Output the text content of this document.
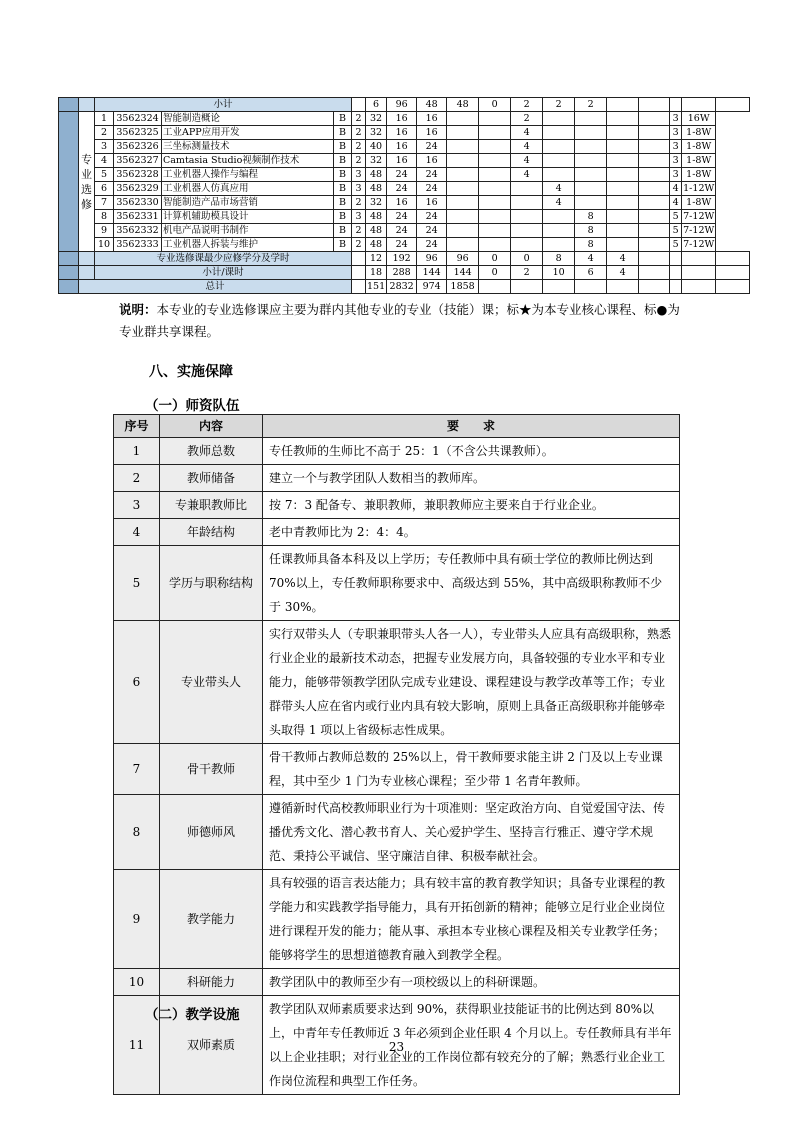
		小计					6	96	48	48	0	2	2	2					
	专业选修	1	3562324	智能制造概论	B	2	32	16	16			2					3	16W	
		2	3562325	工业APP应用开发	B	2	32	16	16			4					3	1-8W	
		3	3562326	三坐标测量技术	B	2	40	16	24			4					3	1-8W	
		4	3562327	Camtasia Studio视频制作技术	B	2	32	16	16			4					3	1-8W	
		5	3562328	工业机器人操作与编程	B	3	48	24	24			4					3	1-8W	
		6	3562329	工业机器人仿真应用	B	3	48	24	24				4				4	1-12W	
		7	3562330	智能制造产品市场营销	B	2	32	16	16				4				4	1-8W	
		8	3562331	计算机辅助模具设计	B	3	48	24	24					8			5	7-12W	
		9	3562332	机电产品说明书制作	B	2	48	24	24					8			5	7-12W	
		10	3562333	工业机器人拆装与维护	B	2	48	24	24					8			5	7-12W	
		专业选修课最少应修学分及学时					12	192	96	96	0	0	8	4	4				
		小计/课时					18	288	144	144	0	2	10	6	4				
	总计						151	2832	974	1858									
说明：本专业的专业选修课应主要为群内其他专业的专业（技能）课；标★为本专业核心课程、标●为专业群共享课程。
八、实施保障
（一）师资队伍
序号	内容	要　　求
1	教师总数	专任教师的生师比不高于 25：1（不含公共课教师）。
2	教师储备	建立一个与教学团队人数相当的教师库。
3	专兼职教师比	按 7：3 配备专、兼职教师，兼职教师应主要来自于行业企业。
4	年龄结构	老中青教师比为 2：4：4。
5	学历与职称结构	任课教师具备本科及以上学历；专任教师中具有硕士学位的教师比例达到 70%以上，专任教师职称要求中、高级达到 55%，其中高级职称教师不少于 30%。
6	专业带头人	实行双带头人（专职兼职带头人各一人），专业带头人应具有高级职称，熟悉行业企业的最新技术动态，把握专业发展方向，具备较强的专业水平和专业能力，能够带领教学团队完成专业建设、课程建设与教学改革等工作；专业群带头人应在省内或行业内具有较大影响，原则上具备正高级职称并能够牵头取得 1 项以上省级标志性成果。
7	骨干教师	骨干教师占教师总数的 25%以上，骨干教师要求能主讲 2 门及以上专业课程，其中至少 1 门为专业核心课程；至少带 1 名青年教师。
8	师德师风	遵循新时代高校教师职业行为十项准则：坚定政治方向、自觉爱国守法、传播优秀文化、潜心教书育人、关心爱护学生、坚持言行雅正、遵守学术规范、秉持公平诚信、坚守廉洁自律、积极奉献社会。
9	教学能力	具有较强的语言表达能力；具有较丰富的教育教学知识；具备专业课程的教学能力和实践教学指导能力，具有开拓创新的精神；能够立足行业企业岗位进行课程开发的能力；能从事、承担本专业核心课程及相关专业教学任务；能够将学生的思想道德教育融入到教学全程。
10	科研能力	教学团队中的教师至少有一项校级以上的科研课题。
11	双师素质	教学团队双师素质要求达到 90%，获得职业技能证书的比例达到 80%以上，中青年专任教师近 3 年必须到企业任职 4 个月以上。专任教师具有半年以上企业挂职；对行业企业的工作岗位都有较充分的了解；熟悉行业企业工作岗位流程和典型工作任务。
（二）教学设施
23
